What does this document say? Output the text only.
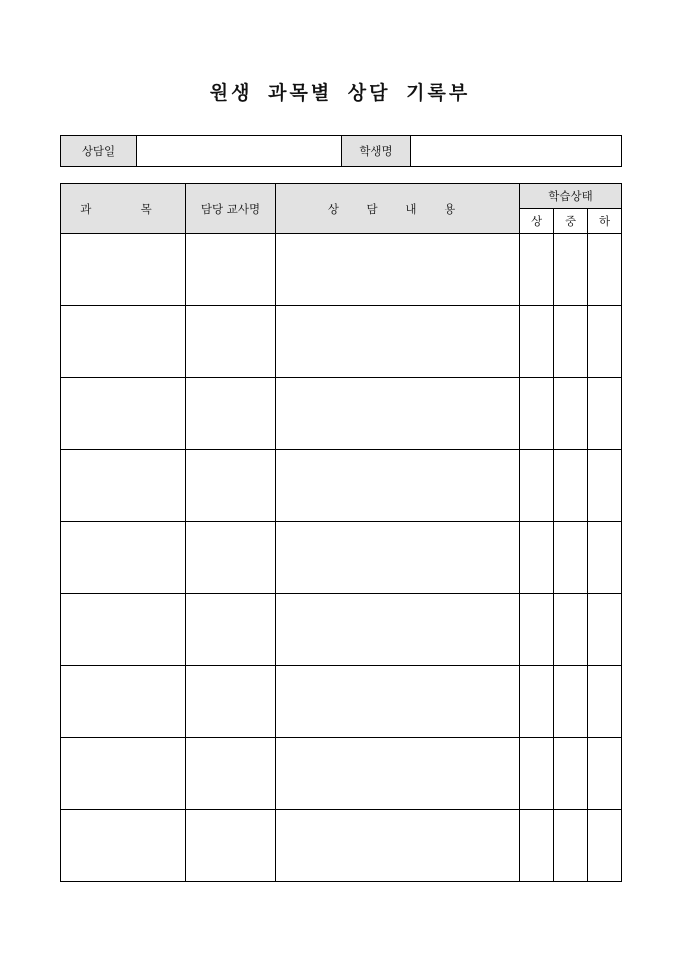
원생 과목별 상담 기록부
상담일		학생명	
과  목	담당 교사명	상 담 내 용	학습상태		
			상	중	하
